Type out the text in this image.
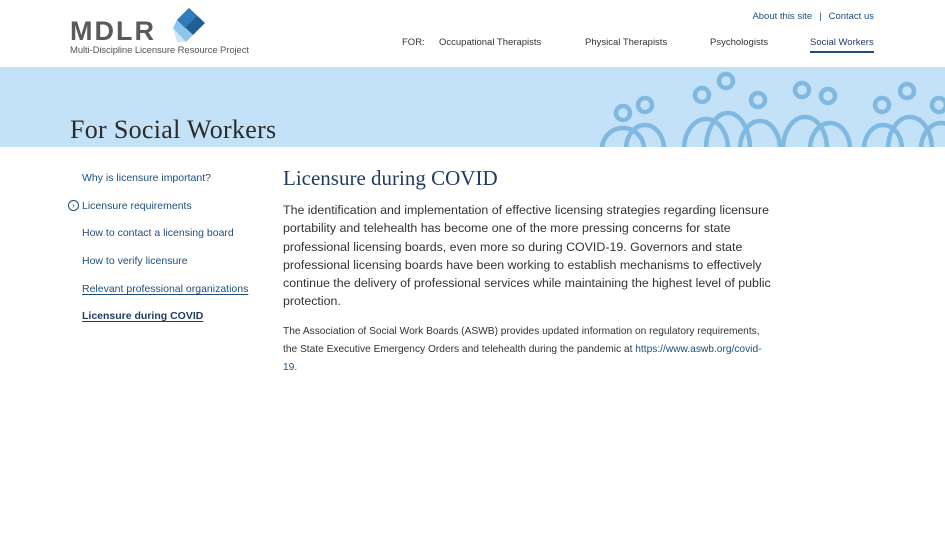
MDLR
Multi-Discipline Licensure Resource Project
About this site | Contact us
FOR: Occupational Therapists	Physical Therapists	Psychologists	Social Workers
For Social Workers
Why is licensure important?
› Licensure requirements
How to contact a licensing board
How to verify licensure
Relevant professional organizations
Licensure during COVID
Licensure during COVID

The identification and implementation of effective licensing strategies regarding licensure portability and telehealth has become one of the more pressing concerns for state professional licensing boards, even more so during COVID-19. Governors and state professional licensing boards have been working to establish mechanisms to effectively continue the delivery of professional services while maintaining the highest level of public protection.

The Association of Social Work Boards (ASWB) provides updated information on regulatory requirements, the State Executive Emergency Orders and telehealth during the pandemic at https://www.aswb.org/covid-19.
